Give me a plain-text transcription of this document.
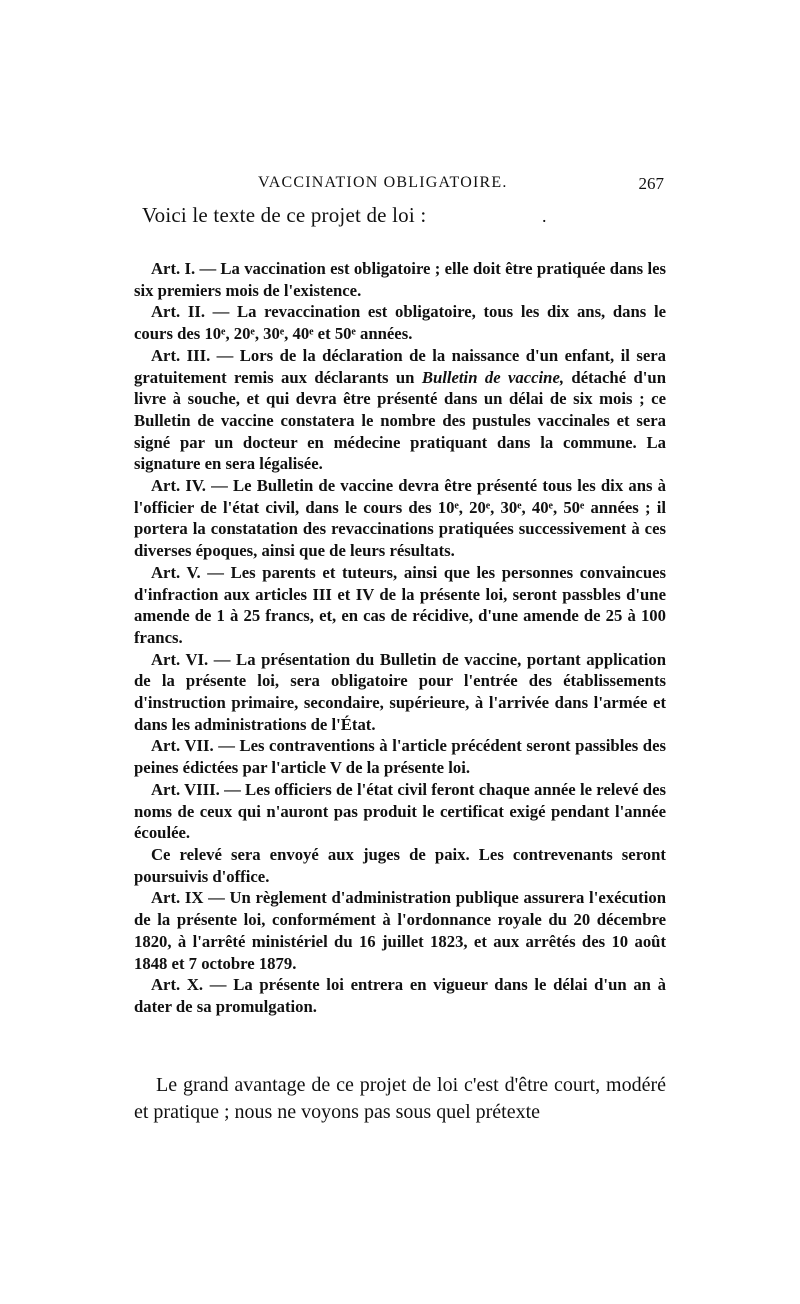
VACCINATION OBLIGATOIRE.	267
Voici le texte de ce projet de loi :	.

Art. I. — La vaccination est obligatoire ; elle doit être pratiquée dans les six premiers mois de l'existence.

Art. II. — La revaccination est obligatoire, tous les dix ans, dans le cours des 10ᵉ, 20ᵉ, 30ᵉ, 40ᵉ et 50ᵉ années.

Art. III. — Lors de la déclaration de la naissance d'un enfant, il sera gratuitement remis aux déclarants un Bulletin de vaccine, détaché d'un livre à souche, et qui devra être présenté dans un délai de six mois ; ce Bulletin de vaccine constatera le nombre des pustules vaccinales et sera signé par un docteur en médecine pratiquant dans la commune. La signature en sera légalisée.

Art. IV. — Le Bulletin de vaccine devra être présenté tous les dix ans à l'officier de l'état civil, dans le cours des 10ᵉ, 20ᵉ, 30ᵉ, 40ᵉ, 50ᵉ années ; il portera la constatation des revaccinations pratiquées successivement à ces diverses époques, ainsi que de leurs résultats.

Art. V. — Les parents et tuteurs, ainsi que les personnes convaincues d'infraction aux articles III et IV de la présente loi, seront passbles d'une amende de 1 à 25 francs, et, en cas de récidive, d'une amende de 25 à 100 francs.

Art. VI. — La présentation du Bulletin de vaccine, portant application de la présente loi, sera obligatoire pour l'entrée des établissements d'instruction primaire, secondaire, supérieure, à l'arrivée dans l'armée et dans les administrations de l'État.

Art. VII. — Les contraventions à l'article précédent seront passibles des peines édictées par l'article V de la présente loi.

Art. VIII. — Les officiers de l'état civil feront chaque année le relevé des noms de ceux qui n'auront pas produit le certificat exigé pendant l'année écoulée.

Ce relevé sera envoyé aux juges de paix. Les contrevenants seront poursuivis d'office.

Art. IX — Un règlement d'administration publique assurera l'exécution de la présente loi, conformément à l'ordonnance royale du 20 décembre 1820, à l'arrêté ministériel du 16 juillet 1823, et aux arrêtés des 10 août 1848 et 7 octobre 1879.

Art. X. — La présente loi entrera en vigueur dans le délai d'un an à dater de sa promulgation.

Le grand avantage de ce projet de loi c'est d'être court, modéré et pratique ; nous ne voyons pas sous quel prétexte
